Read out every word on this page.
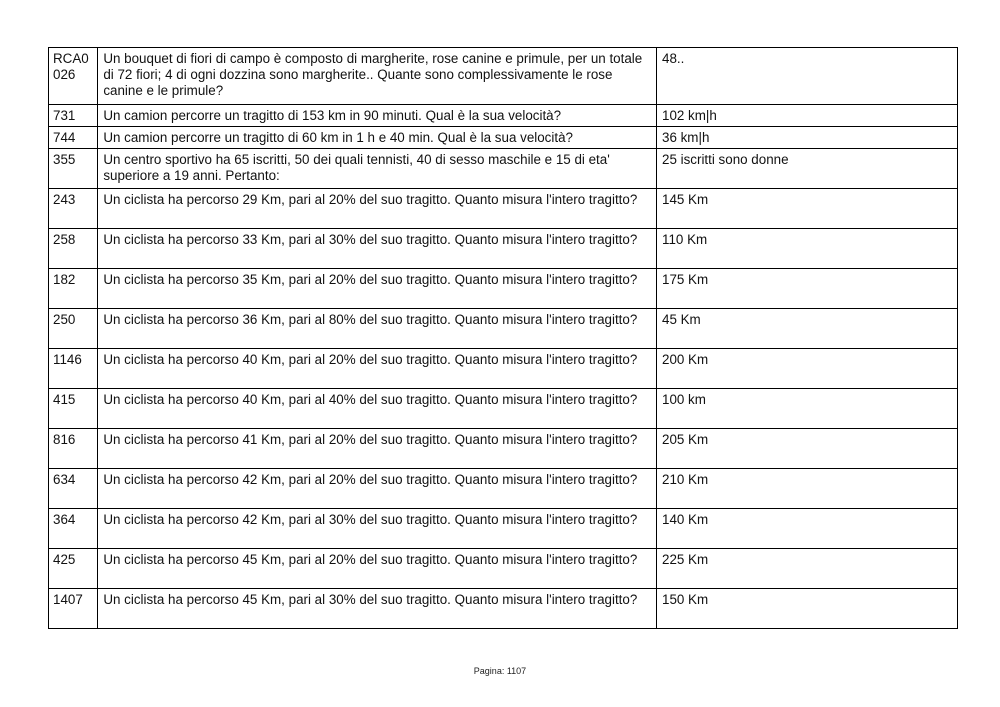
RCA0026	Un bouquet di fiori di campo è composto di margherite, rose canine e primule, per un totale di 72 fiori; 4 di ogni dozzina sono margherite.. Quante sono complessivamente le rose canine e le primule?	48..
731	Un camion percorre un tragitto di 153 km in 90 minuti. Qual è la sua velocità?	102 km|h
744	Un camion percorre un tragitto di 60 km in 1 h e 40 min. Qual è la sua velocità?	36 km|h
355	Un centro sportivo ha 65 iscritti, 50 dei quali tennisti, 40 di sesso maschile e 15 di eta' superiore a 19 anni. Pertanto:	25 iscritti sono donne
243	Un ciclista ha percorso 29 Km, pari al 20% del suo tragitto. Quanto misura l'intero tragitto?	145 Km
258	Un ciclista ha percorso 33 Km, pari al 30% del suo tragitto. Quanto misura l'intero tragitto?	110 Km
182	Un ciclista ha percorso 35 Km, pari al 20% del suo tragitto. Quanto misura l'intero tragitto?	175 Km
250	Un ciclista ha percorso 36 Km, pari al 80% del suo tragitto. Quanto misura l'intero tragitto?	45 Km
1146	Un ciclista ha percorso 40 Km, pari al 20% del suo tragitto. Quanto misura l'intero tragitto?	200 Km
415	Un ciclista ha percorso 40 Km, pari al 40% del suo tragitto. Quanto misura l'intero tragitto?	100 km
816	Un ciclista ha percorso 41 Km, pari al 20% del suo tragitto. Quanto misura l'intero tragitto?	205 Km
634	Un ciclista ha percorso 42 Km, pari al 20% del suo tragitto. Quanto misura l'intero tragitto?	210 Km
364	Un ciclista ha percorso 42 Km, pari al 30% del suo tragitto. Quanto misura l'intero tragitto?	140 Km
425	Un ciclista ha percorso 45 Km, pari al 20% del suo tragitto. Quanto misura l'intero tragitto?	225 Km
1407	Un ciclista ha percorso 45 Km, pari al 30% del suo tragitto. Quanto misura l'intero tragitto?	150 Km
Pagina: 1107
